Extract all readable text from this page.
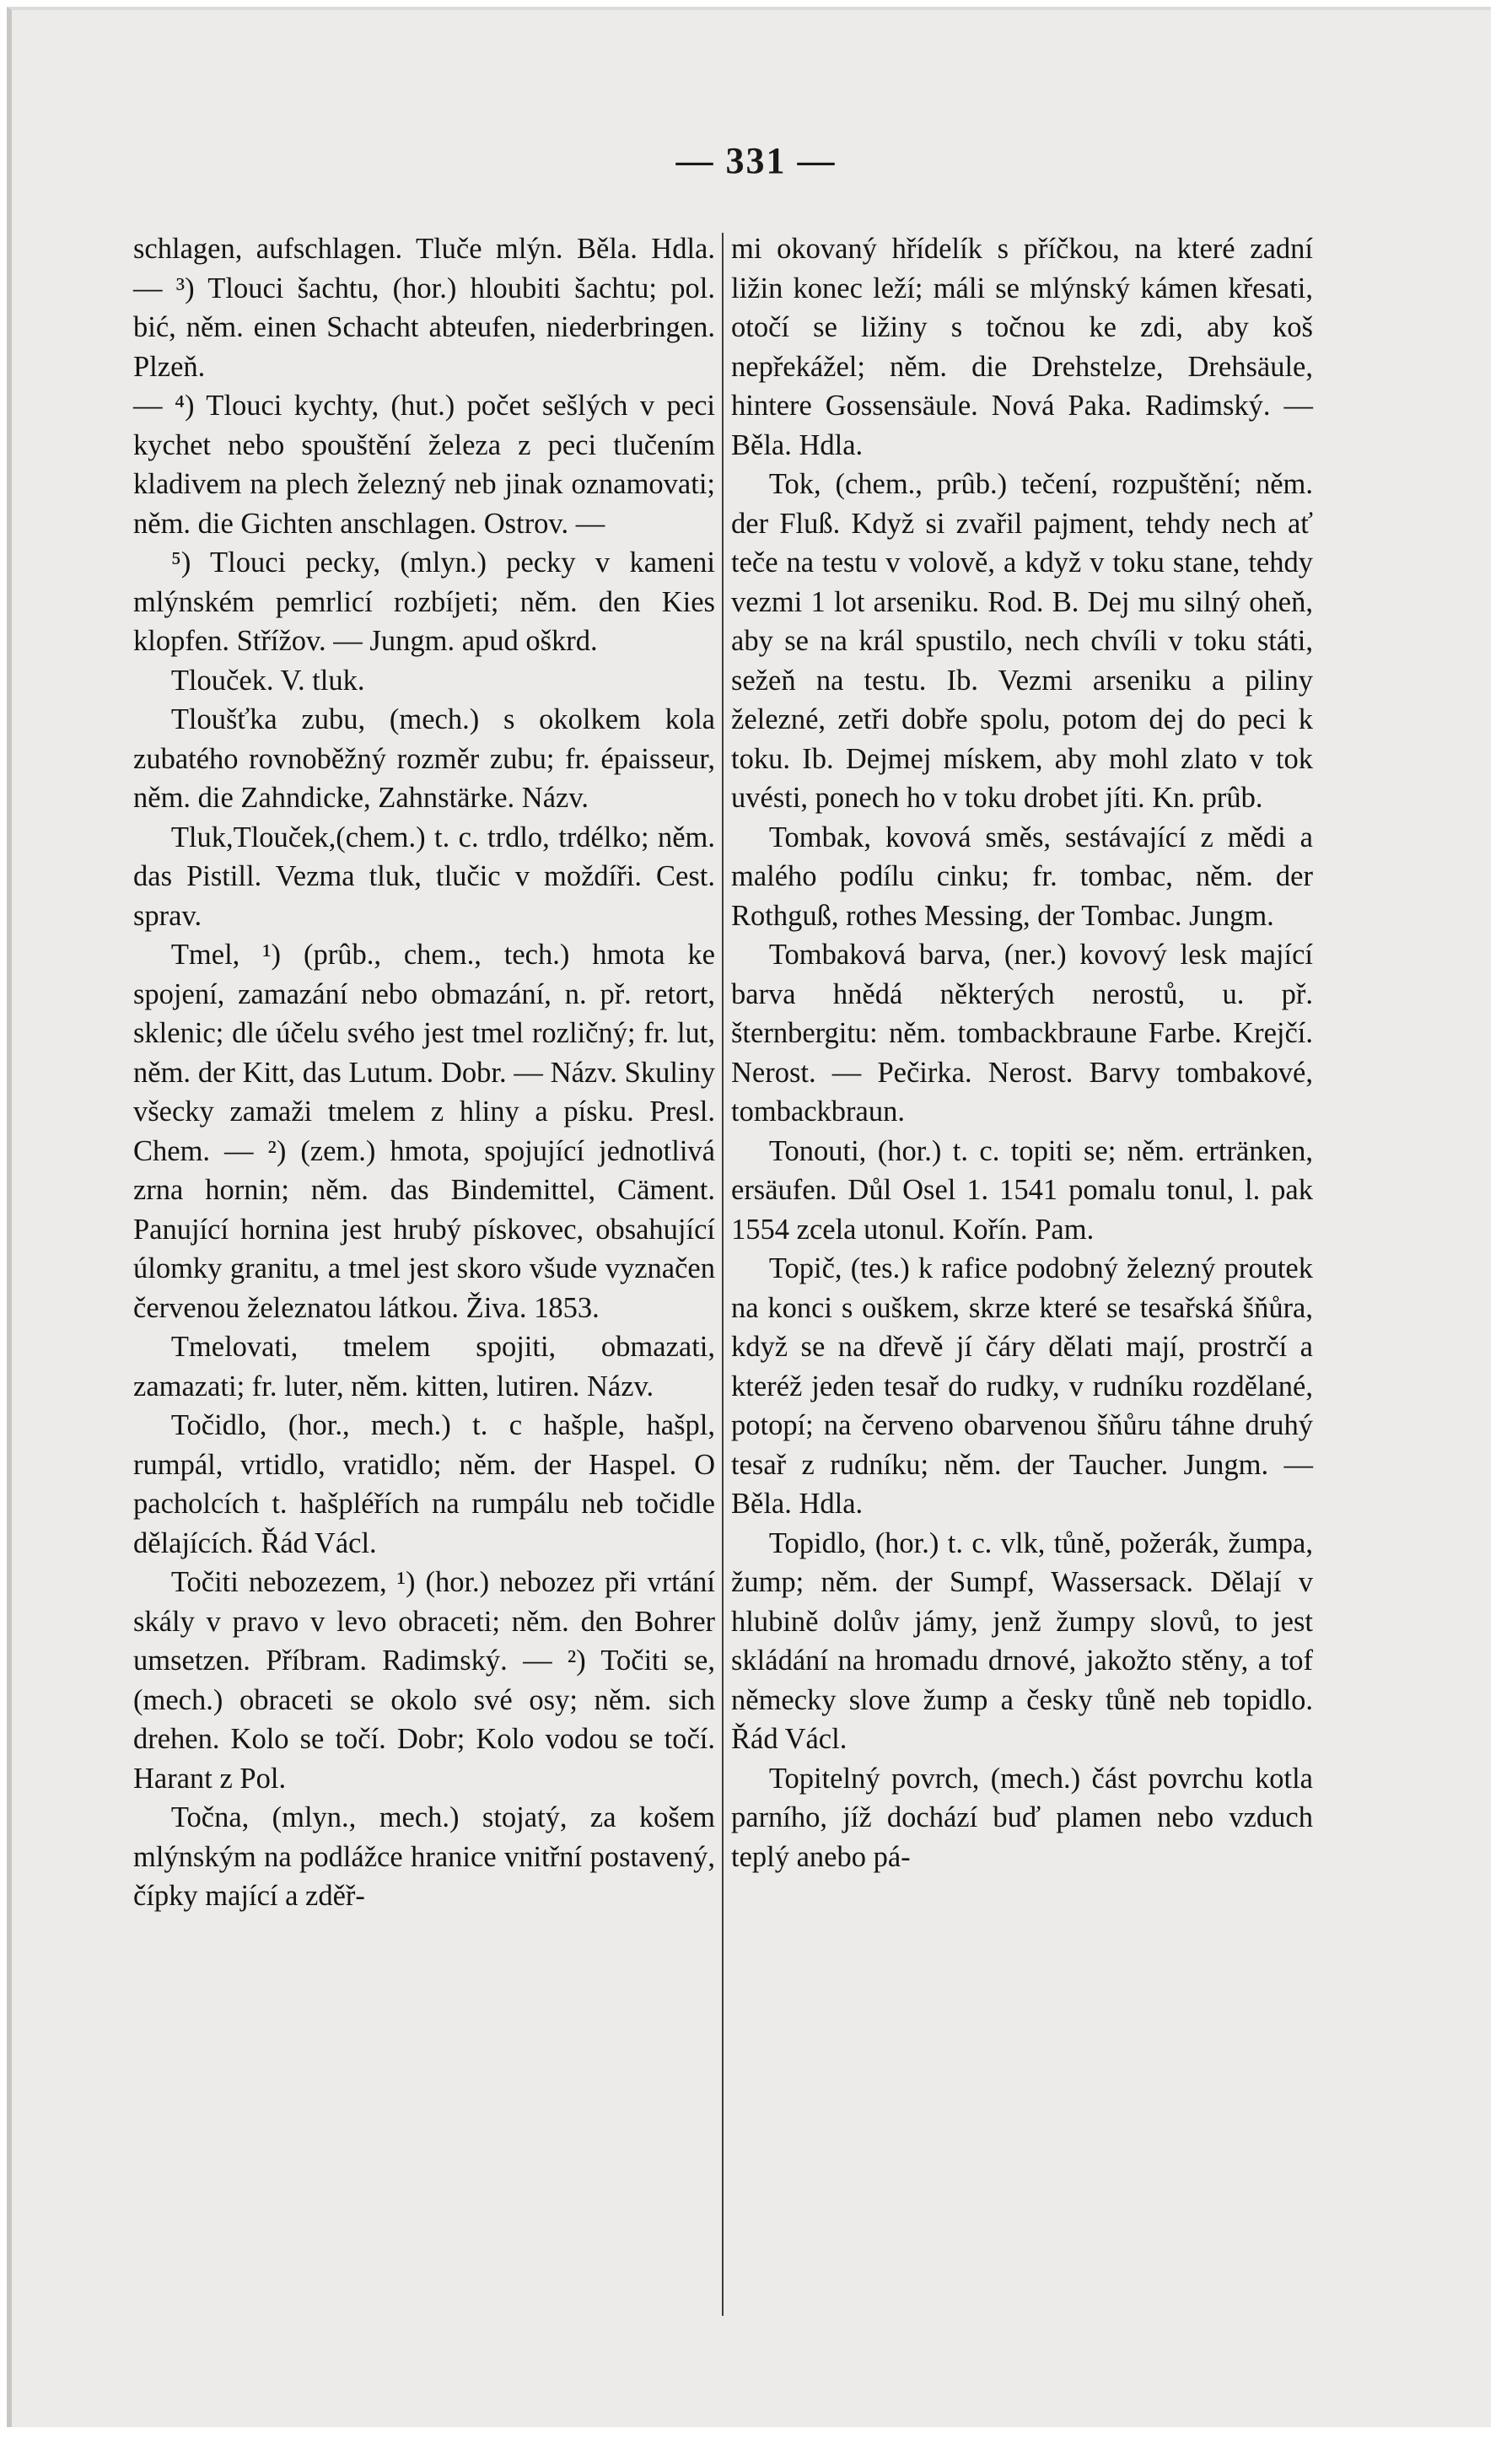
— 331 —

schlagen, aufschlagen. Tluče mlýn. Běla. Hdla. — ³) Tlouci šachtu, (hor.) hloubiti šachtu; pol. bić, něm. einen Schacht abteufen, niederbringen. Plzeň.

— ⁴) Tlouci kychty, (hut.) počet sešlých v peci kychet nebo spouštění železa z peci tlučením kladivem na plech železný neb jinak oznamovati; něm. die Gichten anschlagen. Ostrov. —

⁵) Tlouci pecky, (mlyn.) pecky v kameni mlýnském pemrlicí rozbíjeti; něm. den Kies klopfen. Střížov. — Jungm. apud oškrd.

Tlouček. V. tluk.

Tloušťka zubu, (mech.) s okolkem kola zubatého rovnoběžný rozměr zubu; fr. épaisseur, něm. die Zahndicke, Zahnstärke. Názv.

Tluk,Tlouček,(chem.) t. c. trdlo, trdélko; něm. das Pistill. Vezma tluk, tlučic v moždíři. Cest. sprav.

Tmel, ¹) (prûb., chem., tech.) hmota ke spojení, zamazání nebo obmazání, n. př. retort, sklenic; dle účelu svého jest tmel rozličný; fr. lut, něm. der Kitt, das Lutum. Dobr. — Názv. Skuliny všecky zamaži tmelem z hliny a písku. Presl. Chem. — ²) (zem.) hmota, spojující jednotlivá zrna hornin; něm. das Bindemittel, Cäment. Panující hornina jest hrubý pískovec, obsahující úlomky granitu, a tmel jest skoro všude vyznačen červenou železnatou látkou. Živa. 1853.

Tmelovati, tmelem spojiti, obmazati, zamazati; fr. luter, něm. kitten, lutiren. Názv.

Točidlo, (hor., mech.) t. c hašple, hašpl, rumpál, vrtidlo, vratidlo; něm. der Haspel. O pacholcích t. hašpléřích na rumpálu neb točidle dělajících. Řád Václ.

Točiti nebozezem, ¹) (hor.) nebozez při vrtání skály v pravo v levo obraceti; něm. den Bohrer umsetzen. Příbram. Radimský. — ²) Točiti se, (mech.) obraceti se okolo své osy; něm. sich drehen. Kolo se točí. Dobr; Kolo vodou se točí. Harant z Pol.

Točna, (mlyn., mech.) stojatý, za košem mlýnským na podlážce hranice vnitřní postavený, čípky mající a zděř-

mi okovaný hřídelík s příčkou, na které zadní ližin konec leží; máli se mlýnský kámen křesati, otočí se ližiny s točnou ke zdi, aby koš nepřekážel; něm. die Drehstelze, Drehsäule, hintere Gossensäule. Nová Paka. Radimský. — Běla. Hdla.

Tok, (chem., prûb.) tečení, rozpuštění; něm. der Fluß. Když si zvařil pajment, tehdy nech ať teče na testu v volově, a když v toku stane, tehdy vezmi 1 lot arseniku. Rod. B. Dej mu silný oheň, aby se na král spustilo, nech chvíli v toku státi, sežeň na testu. Ib. Vezmi arseniku a piliny železné, zetři dobře spolu, potom dej do peci k toku. Ib. Dejmej mískem, aby mohl zlato v tok uvésti, ponech ho v toku drobet jíti. Kn. prûb.

Tombak, kovová směs, sestávající z mědi a malého podílu cinku; fr. tombac, něm. der Rothguß, rothes Messing, der Tombac. Jungm.

Tombaková barva, (ner.) kovový lesk mající barva hnědá některých nerostů, u. př. šternbergitu: něm. tombackbraune Farbe. Krejčí. Nerost. — Pečirka. Nerost. Barvy tombakové, tombackbraun.

Tonouti, (hor.) t. c. topiti se; něm. ertränken, ersäufen. Důl Osel 1. 1541 pomalu tonul, l. pak 1554 zcela utonul. Kořín. Pam.

Topič, (tes.) k rafice podobný železný proutek na konci s ouškem, skrze které se tesařská šňůra, když se na dřevě jí čáry dělati mají, prostrčí a kteréž jeden tesař do rudky, v rudníku rozdělané, potopí; na červeno obarvenou šňůru táhne druhý tesař z rudníku; něm. der Taucher. Jungm. — Běla. Hdla.

Topidlo, (hor.) t. c. vlk, tůně, požerák, žumpa, žump; něm. der Sumpf, Wassersack. Dělají v hlubině dolův jámy, jenž žumpy slovů, to jest skládání na hromadu drnové, jakožto stěny, a tof německy slove žump a česky tůně neb topidlo. Řád Václ.

Topitelný povrch, (mech.) část povrchu kotla parního, jíž dochází buď plamen nebo vzduch teplý anebo pá-
